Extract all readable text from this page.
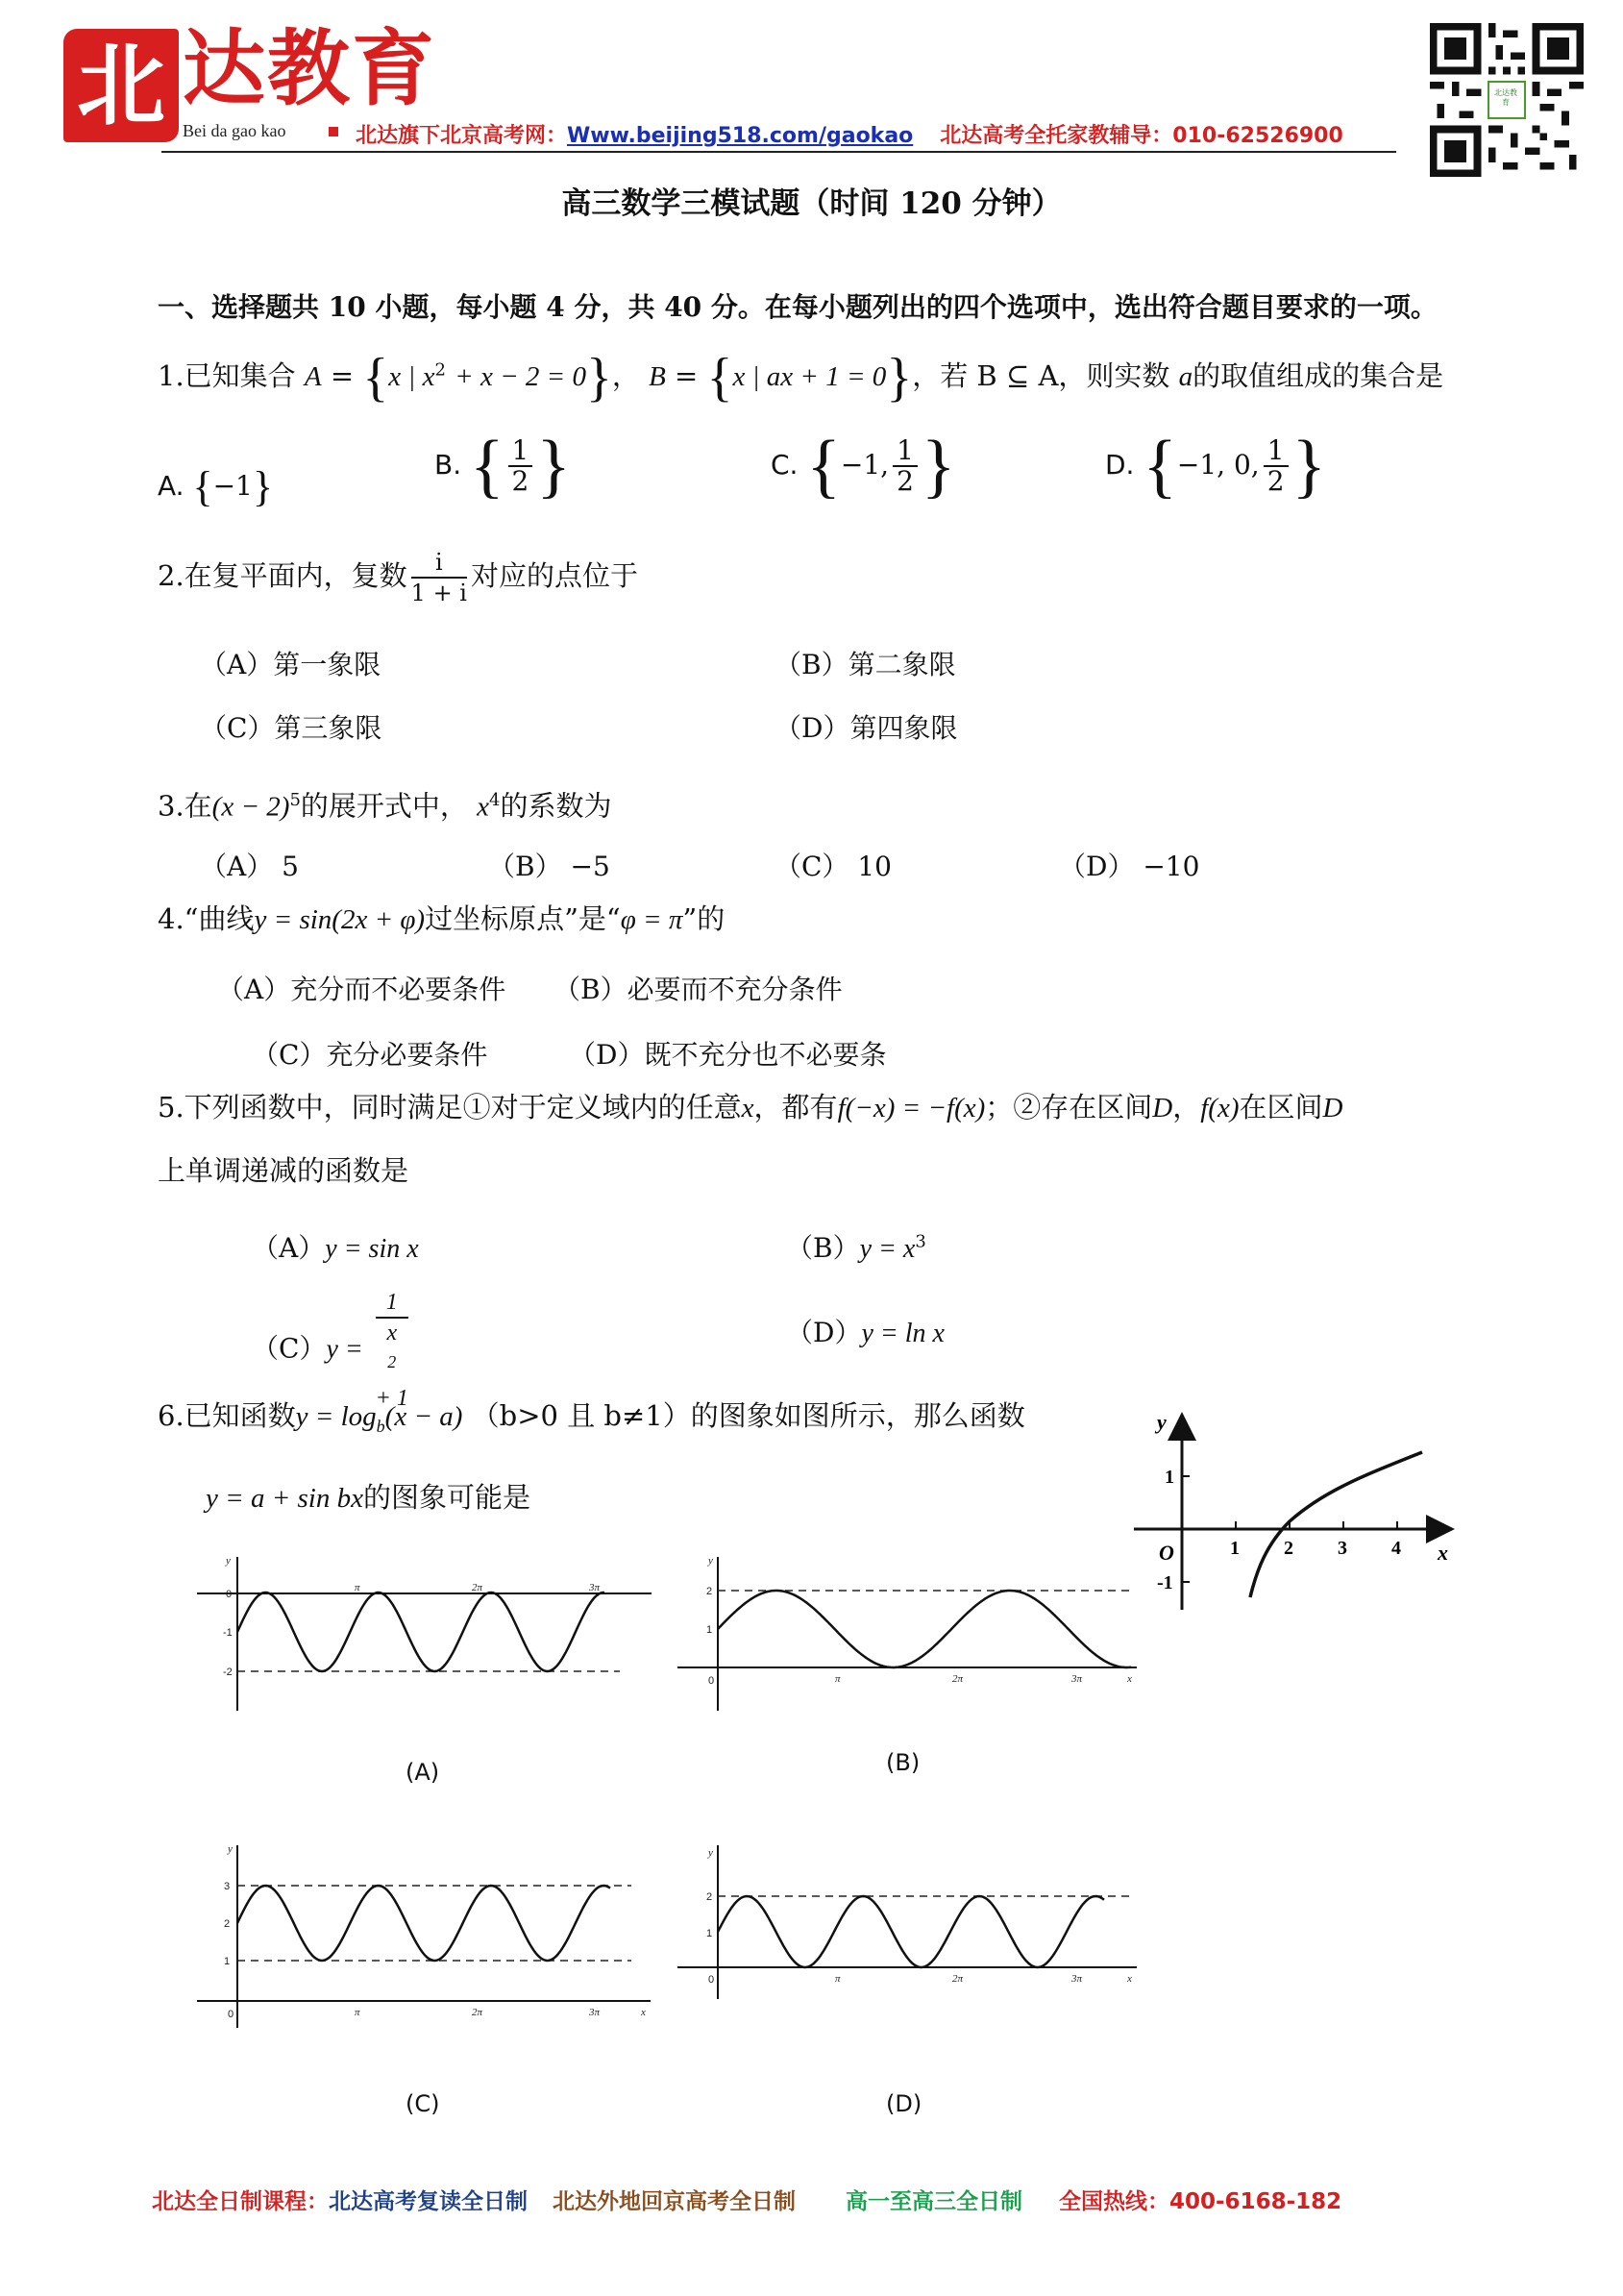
北 达教育
Bei da gao kao	北达旗下北京高考网：Www.beijing518.com/gaokao 北达高考全托家教辅导：010-62526900
北达教育
高三数学三模试题（时间 120 分钟）
一、选择题共 10 小题，每小题 4 分，共 40 分。在每小题列出的四个选项中，选出符合题目要求的一项。
1.已知集合 A = {x | $x^2 + x - 2 = 0$}， B = {x | ax + 1 = 0}，若 B ⊆ A，则实数 a的取值组成的集合是
A. {−1}	B. { $\frac{1}{2}$ }	C. {−1, $\frac{1}{2}$ }	D. {−1, 0, $\frac{1}{2}$ }
2.在复平面内，复数 $\frac{i}{1 + i}$ 对应的点位于
（A）第一象限	（B）第二象限
（C）第三象限	（D）第四象限
3.在$(x - 2)^5$的展开式中， $x^4$的系数为
（A） 5	（B） −5	（C） 10	（D） −10
4.“曲线y = sin(2x + φ)过坐标原点”是“φ = π”的
（A）充分而不必要条件 （B）必要而不充分条件
（C）充分必要条件	（D）既不充分也不必要条
5.下列函数中，同时满足①对于定义域内的任意x，都有f(−x) = −f(x)；②存在区间D，f(x)在区间D
上单调递减的函数是
（A）y = sin x	$(B)y = x^3$
（C）y = 1
x
$^2$
+ 1	（D）y = ln x
6.已知函数$y = \log_b(x - a)$ （b>0 且 b≠1）的图象如图所示，那么函数
y = a + sin bx的图象可能是
y
x
O	1 2 3 4
1
-1
y
0
-1
-2
π	2π	3π
(A)
y
2
1
0	π	2π	3π	x
(B)
y
3
2
1
0	π	2π	3π	x
(C)
y
2
1
0	π	2π	3π	x
(D)
北达全日制课程：北达高考复读全日制 北达外地回京高考全日制 高一至高三全日制 全国热线：400-6168-182
